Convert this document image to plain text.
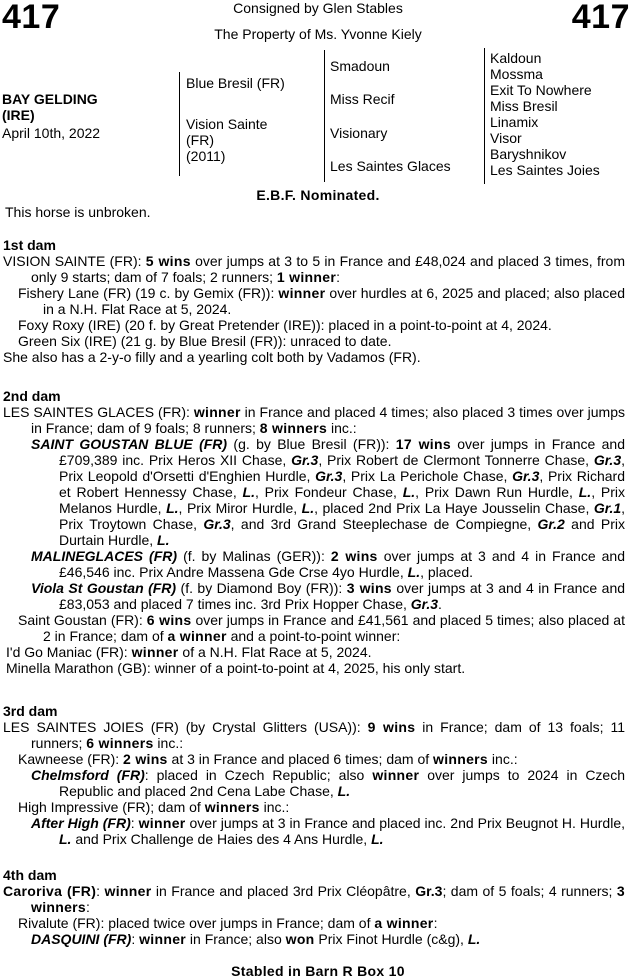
417	417
Consigned by Glen Stables
The Property of Ms. Yvonne Kiely
BAY GELDING
(IRE)
April 10th, 2022
Blue Bresil (FR)
Vision Sainte
(FR)
(2011)
Smadoun
Miss Recif
Visionary
Les Saintes Glaces
Kaldoun
Mossma
Exit To Nowhere
Miss Bresil
Linamix
Visor
Baryshnikov
Les Saintes Joies
E.B.F. Nominated.
This horse is unbroken.
1st dam

VISION SAINTE (FR): 5 wins over jumps at 3 to 5 in France and £48,024 and placed 3 times, from only 9 starts; dam of 7 foals; 2 runners; 1 winner:

Fishery Lane (FR) (19 c. by Gemix (FR)): winner over hurdles at 6, 2025 and placed; also placed in a N.H. Flat Race at 5, 2024.

Foxy Roxy (IRE) (20 f. by Great Pretender (IRE)): placed in a point-to-point at 4, 2024.

Green Six (IRE) (21 g. by Blue Bresil (FR)): unraced to date.

She also has a 2-y-o filly and a yearling colt both by Vadamos (FR).

2nd dam

LES SAINTES GLACES (FR): winner in France and placed 4 times; also placed 3 times over jumps in France; dam of 9 foals; 8 runners; 8 winners inc.:

SAINT GOUSTAN BLUE (FR) (g. by Blue Bresil (FR)): 17 wins over jumps in France and £709,389 inc. Prix Heros XII Chase, Gr.3, Prix Robert de Clermont Tonnerre Chase, Gr.3, Prix Leopold d'Orsetti d'Enghien Hurdle, Gr.3, Prix La Perichole Chase, Gr.3, Prix Richard et Robert Hennessy Chase, L., Prix Fondeur Chase, L., Prix Dawn Run Hurdle, L., Prix Melanos Hurdle, L., Prix Miror Hurdle, L., placed 2nd Prix La Haye Jousselin Chase, Gr.1, Prix Troytown Chase, Gr.3, and 3rd Grand Steeplechase de Compiegne, Gr.2 and Prix Durtain Hurdle, L.

MALINEGLACES (FR) (f. by Malinas (GER)): 2 wins over jumps at 3 and 4 in France and £46,546 inc. Prix Andre Massena Gde Crse 4yo Hurdle, L., placed.

Viola St Goustan (FR) (f. by Diamond Boy (FR)): 3 wins over jumps at 3 and 4 in France and £83,053 and placed 7 times inc. 3rd Prix Hopper Chase, Gr.3.

Saint Goustan (FR): 6 wins over jumps in France and £41,561 and placed 5 times; also placed at 2 in France; dam of a winner and a point-to-point winner:

I'd Go Maniac (FR): winner of a N.H. Flat Race at 5, 2024.

Minella Marathon (GB): winner of a point-to-point at 4, 2025, his only start.

3rd dam

LES SAINTES JOIES (FR) (by Crystal Glitters (USA)): 9 wins in France; dam of 13 foals; 11 runners; 6 winners inc.:

Kawneese (FR): 2 wins at 3 in France and placed 6 times; dam of winners inc.:

Chelmsford (FR): placed in Czech Republic; also winner over jumps to 2024 in Czech Republic and placed 2nd Cena Labe Chase, L.

High Impressive (FR); dam of winners inc.:

After High (FR): winner over jumps at 3 in France and placed inc. 2nd Prix Beugnot H. Hurdle, L. and Prix Challenge de Haies des 4 Ans Hurdle, L.

4th dam

Caroriva (FR): winner in France and placed 3rd Prix Cléopâtre, Gr.3; dam of 5 foals; 4 runners; 3 winners:

Rivalute (FR): placed twice over jumps in France; dam of a winner:

DASQUINI (FR): winner in France; also won Prix Finot Hurdle (c&g), L.

Stabled in Barn R Box 10
